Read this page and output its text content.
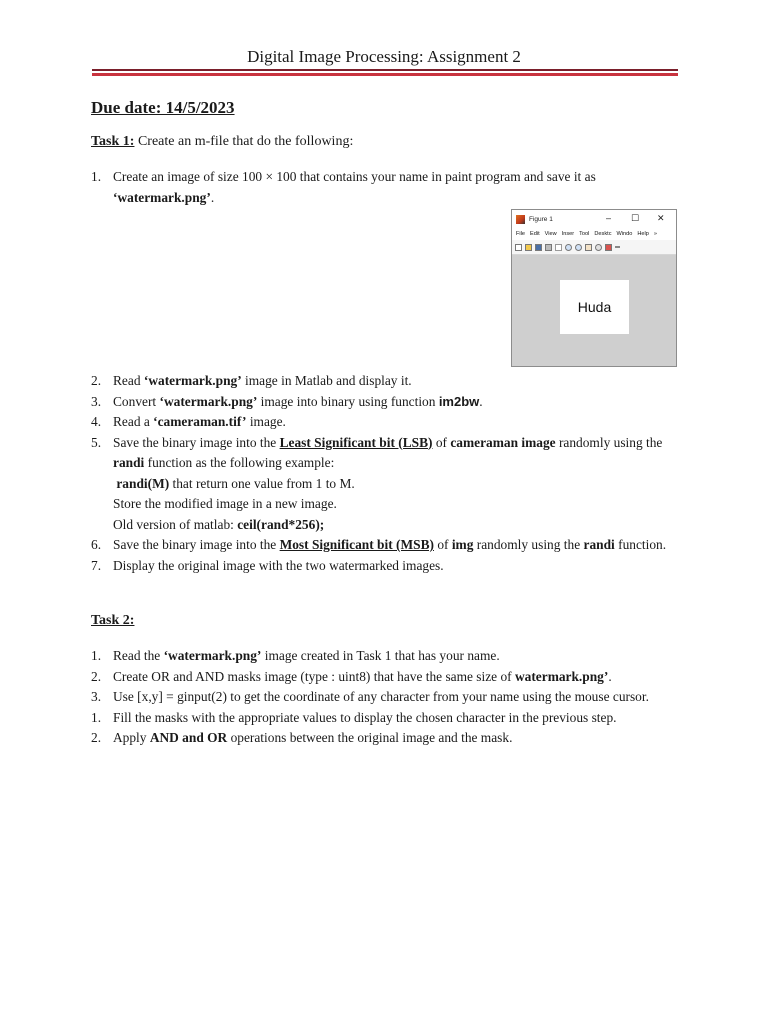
Digital Image Processing: Assignment 2
Due date: 14/5/2023
Task 1: Create an m-file that do the following:
1. Create an image of size 100 × 100 that contains your name in paint program and save it as
‘watermark.png’.
Figure 1	– ☐ ✕
File Edit View Inser Tool Desktc Windo Help »
Huda
2. Read ‘watermark.png’ image in Matlab and display it.
3. Convert ‘watermark.png’ image into binary using function im2bw.
4. Read a ‘cameraman.tif’ image.
5. Save the binary image into the Least Significant bit (LSB) of cameraman image randomly using the randi function as the following example:
randi(M) that return one value from 1 to M.
Store the modified image in a new image.
Old version of matlab: ceil(rand*256);
6. Save the binary image into the Most Significant bit (MSB) of img randomly using the randi function.
7. Display the original image with the two watermarked images.
Task 2:
1. Read the ‘watermark.png’ image created in Task 1 that has your name.
2. Create OR and AND masks image (type : uint8) that have the same size of watermark.png’.
3. Use [x,y] = ginput(2) to get the coordinate of any character from your name using the mouse cursor.
1. Fill the masks with the appropriate values to display the chosen character in the previous step.
2. Apply AND and OR operations between the original image and the mask.
